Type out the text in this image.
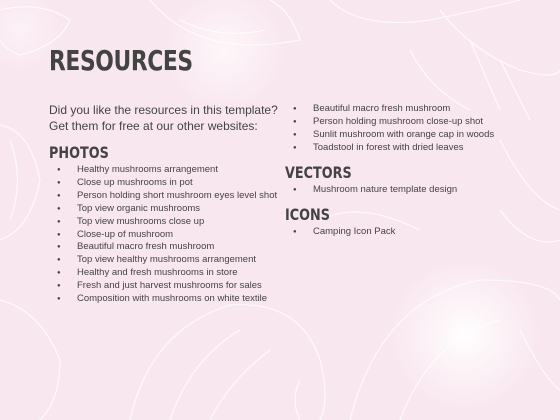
RESOURCES
Did you like the resources in this template? Get them for free at our other websites:
PHOTOS
● Healthy mushrooms arrangement
● Close up mushrooms in pot
● Person holding short mushroom eyes level shot
● Top view organic mushrooms
● Top view mushrooms close up
● Close-up of mushroom
● Beautiful macro fresh mushroom
● Top view healthy mushrooms arrangement
● Healthy and fresh mushrooms in store
● Fresh and just harvest mushrooms for sales
● Composition with mushrooms on white textile
● Beautiful macro fresh mushroom
● Person holding mushroom close-up shot
● Sunlit mushroom with orange cap in woods
● Toadstool in forest with dried leaves
VECTORS
● Mushroom nature template design
ICONS
● Camping Icon Pack
